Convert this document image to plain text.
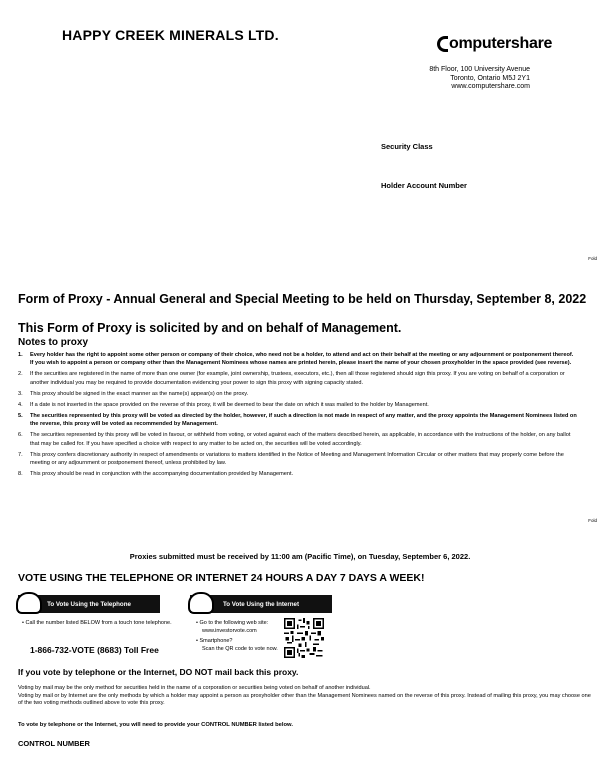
HAPPY CREEK MINERALS LTD.	omputershare
8th Floor, 100 University Avenue
Toronto, Ontario M5J 2Y1
www.computershare.com
Security Class
Holder Account Number
Fold
Fold
Form of Proxy - Annual General and Special Meeting to be held on Thursday, September 8, 2022
This Form of Proxy is solicited by and on behalf of Management.
Notes to proxy
1.	Every holder has the right to appoint some other person or company of their choice, who need not be a holder, to attend and act on their behalf at the meeting or any adjournment or postponement thereof. If you wish to appoint a person or company other than the Management Nominees whose names are printed herein, please insert the name of your chosen proxyholder in the space provided (see reverse).
2.	If the securities are registered in the name of more than one owner (for example, joint ownership, trustees, executors, etc.), then all those registered should sign this proxy. If you are voting on behalf of a corporation or another individual you may be required to provide documentation evidencing your power to sign this proxy with signing capacity stated.
3.	This proxy should be signed in the exact manner as the name(s) appear(s) on the proxy.
4.	If a date is not inserted in the space provided on the reverse of this proxy, it will be deemed to bear the date on which it was mailed to the holder by Management.
5.	The securities represented by this proxy will be voted as directed by the holder, however, if such a direction is not made in respect of any matter, and the proxy appoints the Management Nominees listed on the reverse, this proxy will be voted as recommended by Management.
6.	The securities represented by this proxy will be voted in favour, or withheld from voting, or voted against each of the matters described herein, as applicable, in accordance with the instructions of the holder, on any ballot that may be called for. If you have specified a choice with respect to any matter to be acted on, the securities will be voted accordingly.
7.	This proxy confers discretionary authority in respect of amendments or variations to matters identified in the Notice of Meeting and Management Information Circular or other matters that may properly come before the meeting or any adjournment or postponement thereof, unless prohibited by law.
8.	This proxy should be read in conjunction with the accompanying documentation provided by Management.
Proxies submitted must be received by 11:00 am (Pacific Time), on Tuesday, September 6, 2022.
VOTE USING THE TELEPHONE OR INTERNET 24 HOURS A DAY 7 DAYS A WEEK!
To Vote Using the Telephone
• Call the number listed BELOW from a touch tone telephone.
1-866-732-VOTE (8683) Toll Free
To Vote Using the Internet
• Go to the following web site:
www.investorvote.com
• Smartphone?
Scan the QR code to vote now.
If you vote by telephone or the Internet, DO NOT mail back this proxy.
Voting by mail may be the only method for securities held in the name of a corporation or securities being voted on behalf of another individual.
Voting by mail or by Internet are the only methods by which a holder may appoint a person as proxyholder other than the Management Nominees named on the reverse of this proxy. Instead of mailing this proxy, you may choose one of the two voting methods outlined above to vote this proxy.
To vote by telephone or the Internet, you will need to provide your CONTROL NUMBER listed below.
CONTROL NUMBER
